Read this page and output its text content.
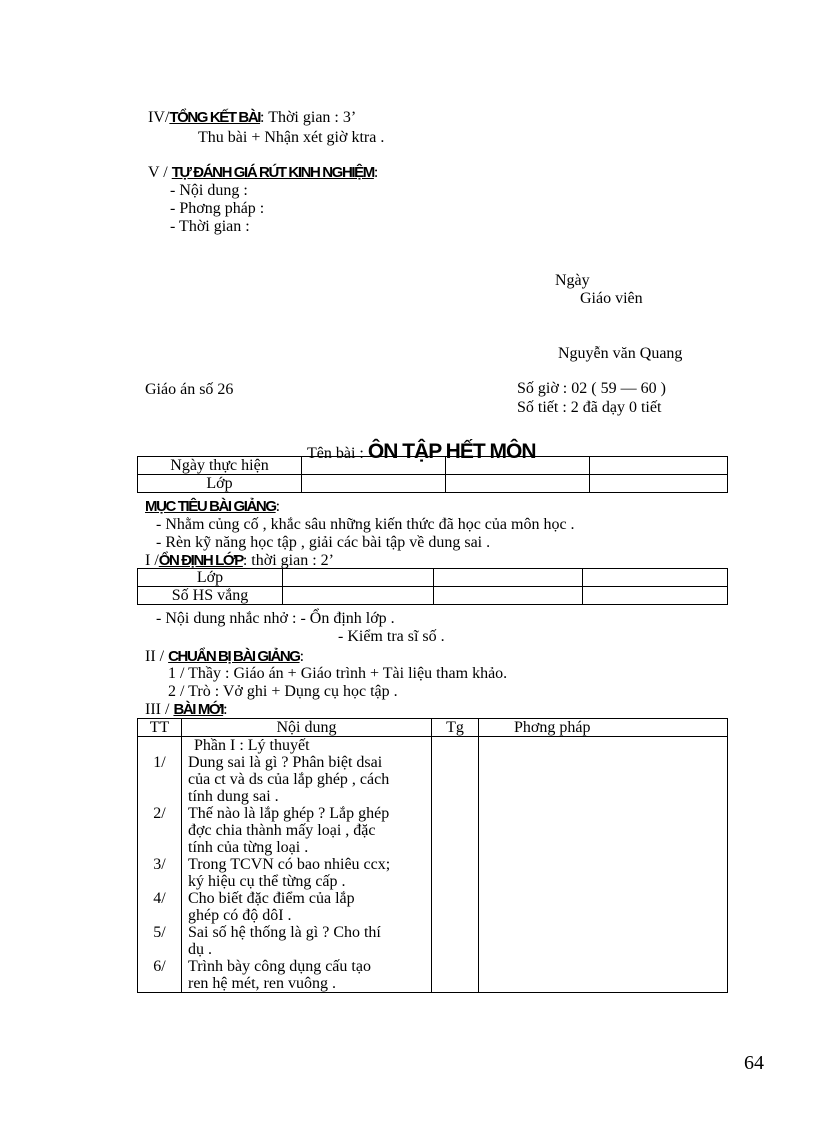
IV/TỔNG KẾT BÀI: Thời gian : 3’
Thu bài + Nhận xét giờ ktra .
V / TỰ ĐÁNH GIÁ RÚT KINH NGHIỆM:
- Nội dung :
- Phơng pháp :
- Thời gian :
Ngày
Giáo viên
Nguyễn văn Quang
Giáo án số 26	Số giờ : 02 ( 59 — 60 )
Số tiết : 2 đã dạy 0 tiết
Tên bài : ÔN TẬP HẾT MÔN
Ngày thực hiện			
Lớp			
MỤC TIÊU BÀI GIẢNG:
- Nhằm củng cố , khắc sâu những kiến thức đã học của môn học .
- Rèn kỹ năng học tập , giải các bài tập về dung sai .
I /ỔN ĐỊNH LỚP: thời gian : 2’
Lớp			
Số HS vắng			
- Nội dung nhắc nhở : - Ổn định lớp .
- Kiểm tra sĩ số .
II / CHUẨN BỊ BÀI GIẢNG:
1 / Thầy : Giáo án + Giáo trình + Tài liệu tham khảo.
2 / Trò : Vở ghi + Dụng cụ học tập .
III / BÀI MỚI:
TT	Nội dung	Tg	Phơng pháp
	Phần I : Lý thuyết		
1/	Dung sai là gì ? Phân biệt dsai
của ct và ds của lắp ghép , cách
tính dung sai .		

2/	Thế nào là lắp ghép ? Lắp ghép
đợc chia thành mấy loại , đặc
tính của từng loại .		

3/	Trong TCVN có bao nhiêu ccx;
ký hiệu cụ thể từng cấp .		

4/	Cho biết đặc điểm của lắp
ghép có độ dôI .		

5/	Sai số hệ thống là gì ? Cho thí
dụ .		

6/	Trình bày công dụng cấu tạo
ren hệ mét, ren vuông .		

64
